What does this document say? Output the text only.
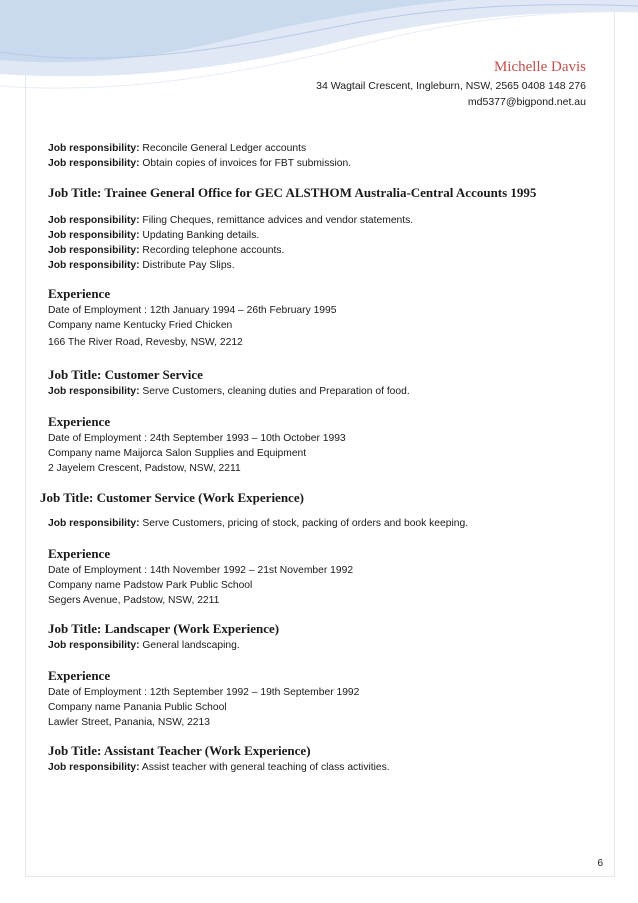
Michelle Davis
34 Wagtail Crescent, Ingleburn, NSW, 2565 0408 148 276
md5377@bigpond.net.au
Job responsibility: Reconcile General Ledger accounts
Job responsibility: Obtain copies of invoices for FBT submission.
Job Title: Trainee General Office for GEC ALSTHOM Australia-Central Accounts 1995
Job responsibility: Filing Cheques, remittance advices and vendor statements.
Job responsibility: Updating Banking details.
Job responsibility: Recording telephone accounts.
Job responsibility: Distribute Pay Slips.
Experience
Date of Employment : 12th January 1994 – 26th February 1995
Company name Kentucky Fried Chicken
166 The River Road, Revesby, NSW, 2212
Job Title: Customer Service
Job responsibility: Serve Customers, cleaning duties and Preparation of food.
Experience
Date of Employment : 24th September 1993 – 10th October 1993
Company name Maijorca Salon Supplies and Equipment
2 Jayelem Crescent, Padstow, NSW, 2211
Job Title: Customer Service (Work Experience)
Job responsibility: Serve Customers, pricing of stock, packing of orders and book keeping.
Experience
Date of Employment : 14th November 1992 – 21st November 1992
Company name Padstow Park Public School
Segers Avenue, Padstow, NSW, 2211
Job Title: Landscaper (Work Experience)
Job responsibility: General landscaping.
Experience
Date of Employment : 12th September 1992 – 19th September 1992
Company name Panania Public School
Lawler Street, Panania, NSW, 2213
Job Title: Assistant Teacher (Work Experience)
Job responsibility: Assist teacher with general teaching of class activities.
6
